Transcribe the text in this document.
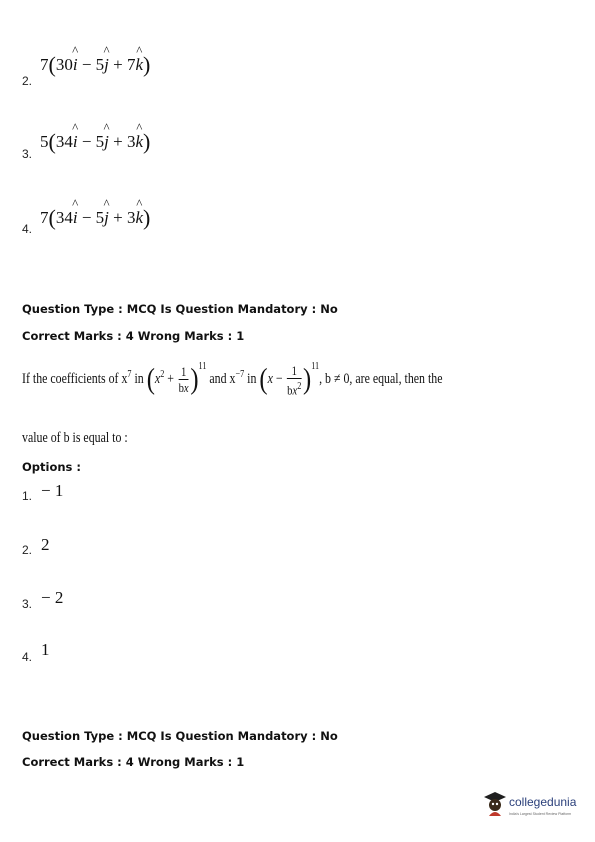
2.
7(30^ i − 5^ j + 7^ k)
3.
5(34^ i − 5^ j + 3^ k)
4.
7(34^ i − 5^ j + 3^ k)
Question Type : MCQ Is Question Mandatory : No
Correct Marks : 4 Wrong Marks : 1
If the coefficients of $x^7$ in $(x^2 + \frac{1}{bx} )^{11}$ and $x^{-7}$ in $(x - \frac{1}{bx^2} )^{11}$, b ≠ 0, are equal, then the
value of b is equal to :
Options :
1. − 1
2. 2
3. − 2
4. 1
Question Type : MCQ Is Question Mandatory : No
Correct Marks : 4 Wrong Marks : 1
collegedunia
India's Largest Student Review Platform
